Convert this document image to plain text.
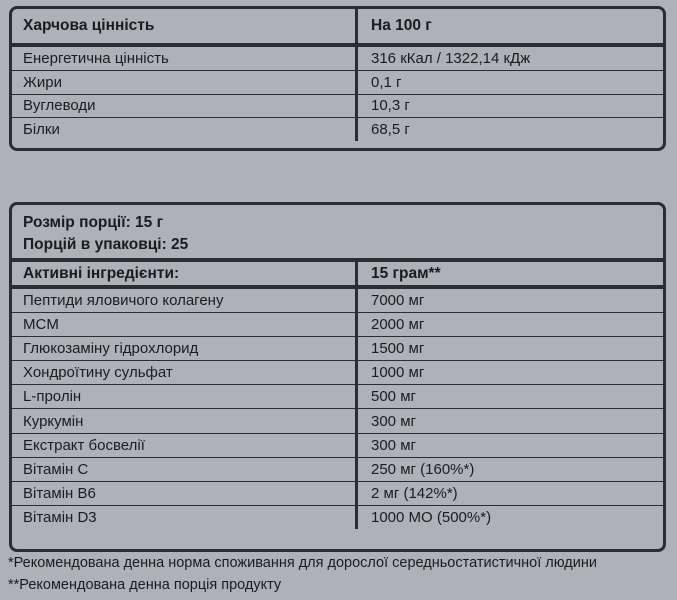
Харчова цінність	На 100 г
Енергетична цінність	316 кКал / 1322,14 кДж
Жири	0,1 г
Вуглеводи	10,3 г
Білки	68,5 г
Розмір порції: 15 г
Порцій в упаковці: 25
Активні інгредієнти:	15 грам**
Пептиди яловичого колагену	7000 мг
MCM	2000 мг
Глюкозаміну гідрохлорид	1500 мг
Хондроїтину сульфат	1000 мг
L-пролін	500 мг
Куркумін	300 мг
Екстракт босвелії	300 мг
Вітамін С	250 мг (160%*)
Вітамін В6	2 мг (142%*)
Вітамін D3	1000 МО (500%*)
*Рекомендована денна норма споживання для дорослої середньостатистичної людини
**Рекомендована денна порція продукту
